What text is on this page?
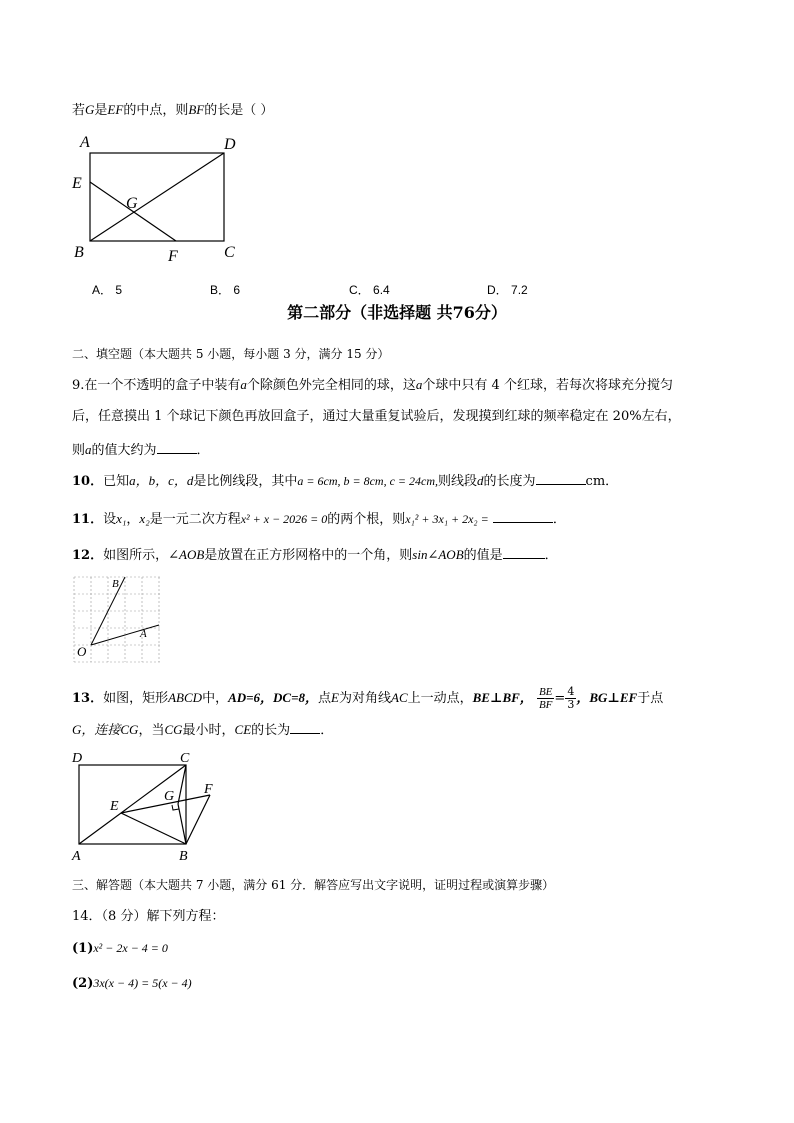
若G是EF的中点，则BF的长是（ ）
A	D
E
G
B	F	C
A． 5	B． 6	C． 6.4	D． 7.2
第二部分（非选择题 共76分）
二、填空题（本大题共 5 小题，每小题 3 分，满分 15 分）
9.在一个不透明的盒子中装有a个除颜色外完全相同的球，这a个球中只有 4 个红球，若每次将球充分搅匀
后，任意摸出 1 个球记下颜色再放回盒子，通过大量重复试验后，发现摸到红球的频率稳定在 20%左右，
则a的值大约为	．
10．已知a，b，c，d是比例线段，其中a = 6cm, b = 8cm, c = 24cm,则线段d的长度为	cm．
11．设x₁，x₂是一元二次方程x² + x − 2026 = 0的两个根，则x₁² + 3x₁ + 2x₂ =	．
12．如图所示，∠AOB是放置在正方形网格中的一个角，则sin∠AOB的值是	．
B
A
O
13．如图，矩形ABCD中，AD=6，DC=8，点E为对角线AC上一动点，BE⊥BF， $\frac{BE}{BF} = \frac{4}{3}$ ，BG⊥EF于点
G，连接CG，当CG最小时，CE的长为 ．
D	C
E
G F
A	B
三、解答题（本大题共 7 小题，满分 61 分．解答应写出文字说明，证明过程或演算步骤）
14．（8 分）解下列方程：
(1)x² − 2x − 4 = 0
(2)3x(x − 4) = 5(x − 4)
